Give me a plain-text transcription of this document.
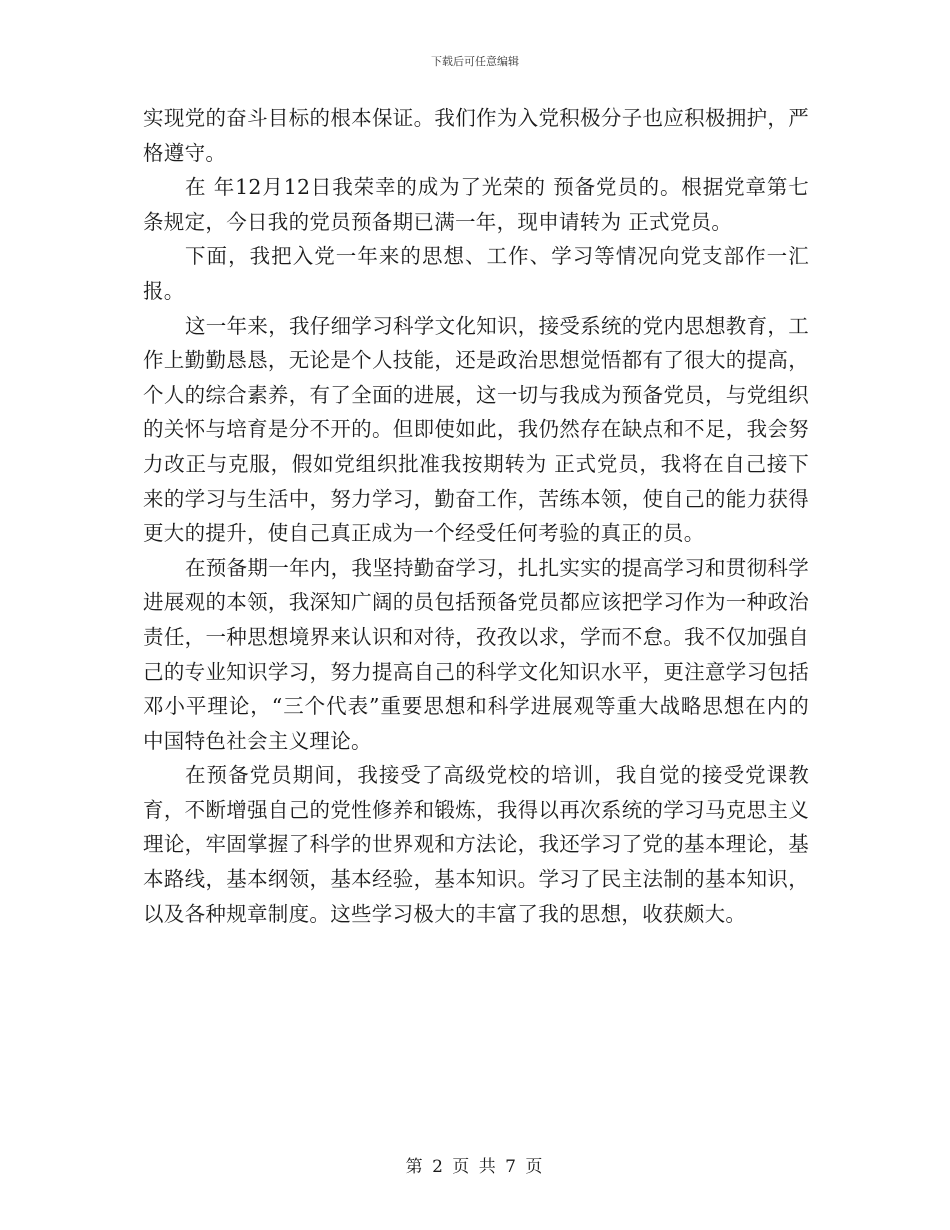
下载后可任意编辑

实现党的奋斗目标的根本保证。我们作为入党积极分子也应积极拥护，严格遵守。

在 年12月12日我荣幸的成为了光荣的 预备党员的。根据党章第七条规定，今日我的党员预备期已满一年，现申请转为 正式党员。

下面，我把入党一年来的思想、工作、学习等情况向党支部作一汇报。

这一年来，我仔细学习科学文化知识，接受系统的党内思想教育，工作上勤勤恳恳，无论是个人技能，还是政治思想觉悟都有了很大的提高，个人的综合素养，有了全面的进展，这一切与我成为预备党员，与党组织的关怀与培育是分不开的。但即使如此，我仍然存在缺点和不足，我会努力改正与克服，假如党组织批准我按期转为 正式党员，我将在自己接下来的学习与生活中，努力学习，勤奋工作，苦练本领，使自己的能力获得更大的提升，使自己真正成为一个经受任何考验的真正的员。

在预备期一年内，我坚持勤奋学习，扎扎实实的提高学习和贯彻科学进展观的本领，我深知广阔的员包括预备党员都应该把学习作为一种政治责任，一种思想境界来认识和对待，孜孜以求，学而不怠。我不仅加强自己的专业知识学习，努力提高自己的科学文化知识水平，更注意学习包括邓小平理论，“三个代表”重要思想和科学进展观等重大战略思想在内的中国特色社会主义理论。

在预备党员期间，我接受了高级党校的培训，我自觉的接受党课教育，不断增强自己的党性修养和锻炼，我得以再次系统的学习马克思主义理论，牢固掌握了科学的世界观和方法论，我还学习了党的基本理论，基本路线，基本纲领，基本经验，基本知识。学习了民主法制的基本知识，以及各种规章制度。这些学习极大的丰富了我的思想，收获颇大。

第 2 页 共 7 页
